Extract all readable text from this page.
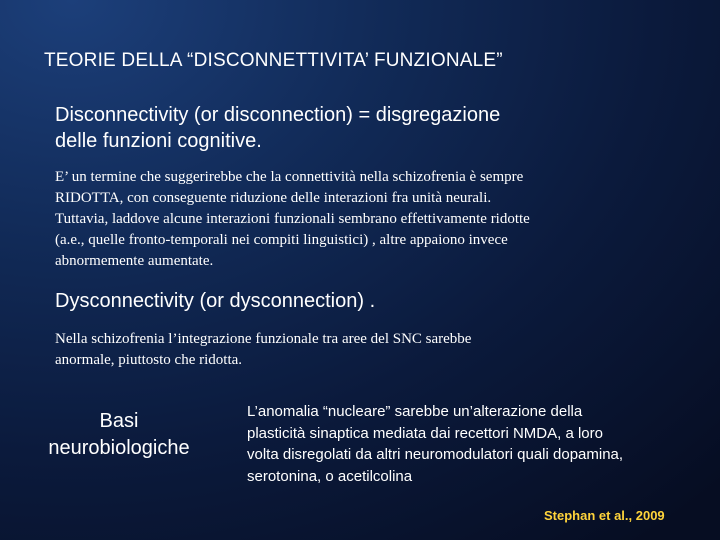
TEORIE DELLA “DISCONNETTIVITA’ FUNZIONALE”
Disconnectivity (or disconnection) = disgregazione
delle funzioni cognitive.
E’ un termine che suggerirebbe che la connettività nella schizofrenia è sempre
RIDOTTA, con conseguente riduzione delle interazioni fra unità neurali.
Tuttavia, laddove alcune interazioni funzionali sembrano effettivamente ridotte
(a.e., quelle fronto-temporali nei compiti linguistici) , altre appaiono invece
abnormemente aumentate.
Dysconnectivity (or dysconnection) .
Nella schizofrenia l’integrazione funzionale tra aree del SNC sarebbe
anormale, piuttosto che ridotta.
Basi
neurobiologiche
L’anomalia “nucleare” sarebbe un’alterazione della
plasticità sinaptica mediata dai recettori NMDA, a loro
volta disregolati da altri neuromodulatori quali dopamina,
serotonina, o acetilcolina
Stephan et al., 2009
